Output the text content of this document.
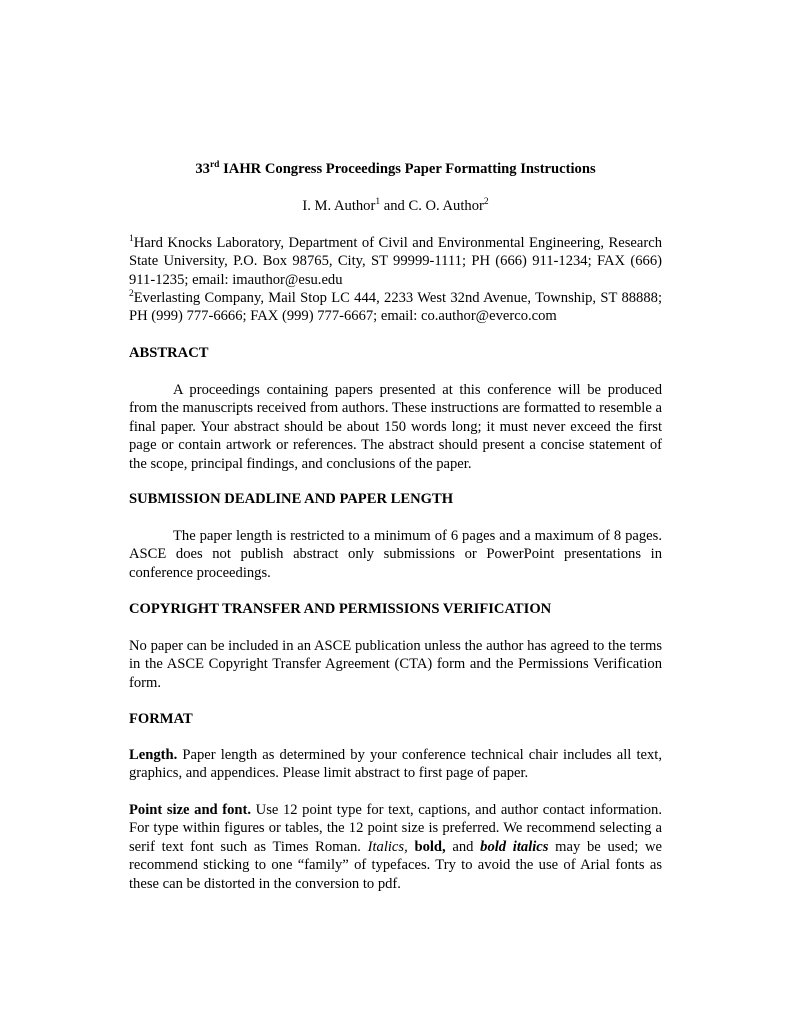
33rd IAHR Congress Proceedings Paper Formatting Instructions
I. M. Author$^1$ and C. O. Author$^2$
$^1$Hard Knocks Laboratory, Department of Civil and Environmental Engineering, Research State University, P.O. Box 98765, City, ST 99999-1111; PH (666) 911-1234; FAX (666) 911-1235; email: imauthor@esu.edu
$^2$Everlasting Company, Mail Stop LC 444, 2233 West 32nd Avenue, Township, ST 88888; PH (999) 777-6666; FAX (999) 777-6667; email: co.author@everco.com
ABSTRACT
A proceedings containing papers presented at this conference will be produced from the manuscripts received from authors. These instructions are formatted to resemble a final paper. Your abstract should be about 150 words long; it must never exceed the first page or contain artwork or references. The abstract should present a concise statement of the scope, principal findings, and conclusions of the paper.
SUBMISSION DEADLINE AND PAPER LENGTH
The paper length is restricted to a minimum of 6 pages and a maximum of 8 pages. ASCE does not publish abstract only submissions or PowerPoint presentations in conference proceedings.
COPYRIGHT TRANSFER AND PERMISSIONS VERIFICATION
No paper can be included in an ASCE publication unless the author has agreed to the terms in the ASCE Copyright Transfer Agreement (CTA) form and the Permissions Verification form.
FORMAT
Length. Paper length as determined by your conference technical chair includes all text, graphics, and appendices. Please limit abstract to first page of paper.
Point size and font. Use 12 point type for text, captions, and author contact information. For type within figures or tables, the 12 point size is preferred. We recommend selecting a serif text font such as Times Roman. Italics, bold, and bold italics may be used; we recommend sticking to one “family” of typefaces. Try to avoid the use of Arial fonts as these can be distorted in the conversion to pdf.
